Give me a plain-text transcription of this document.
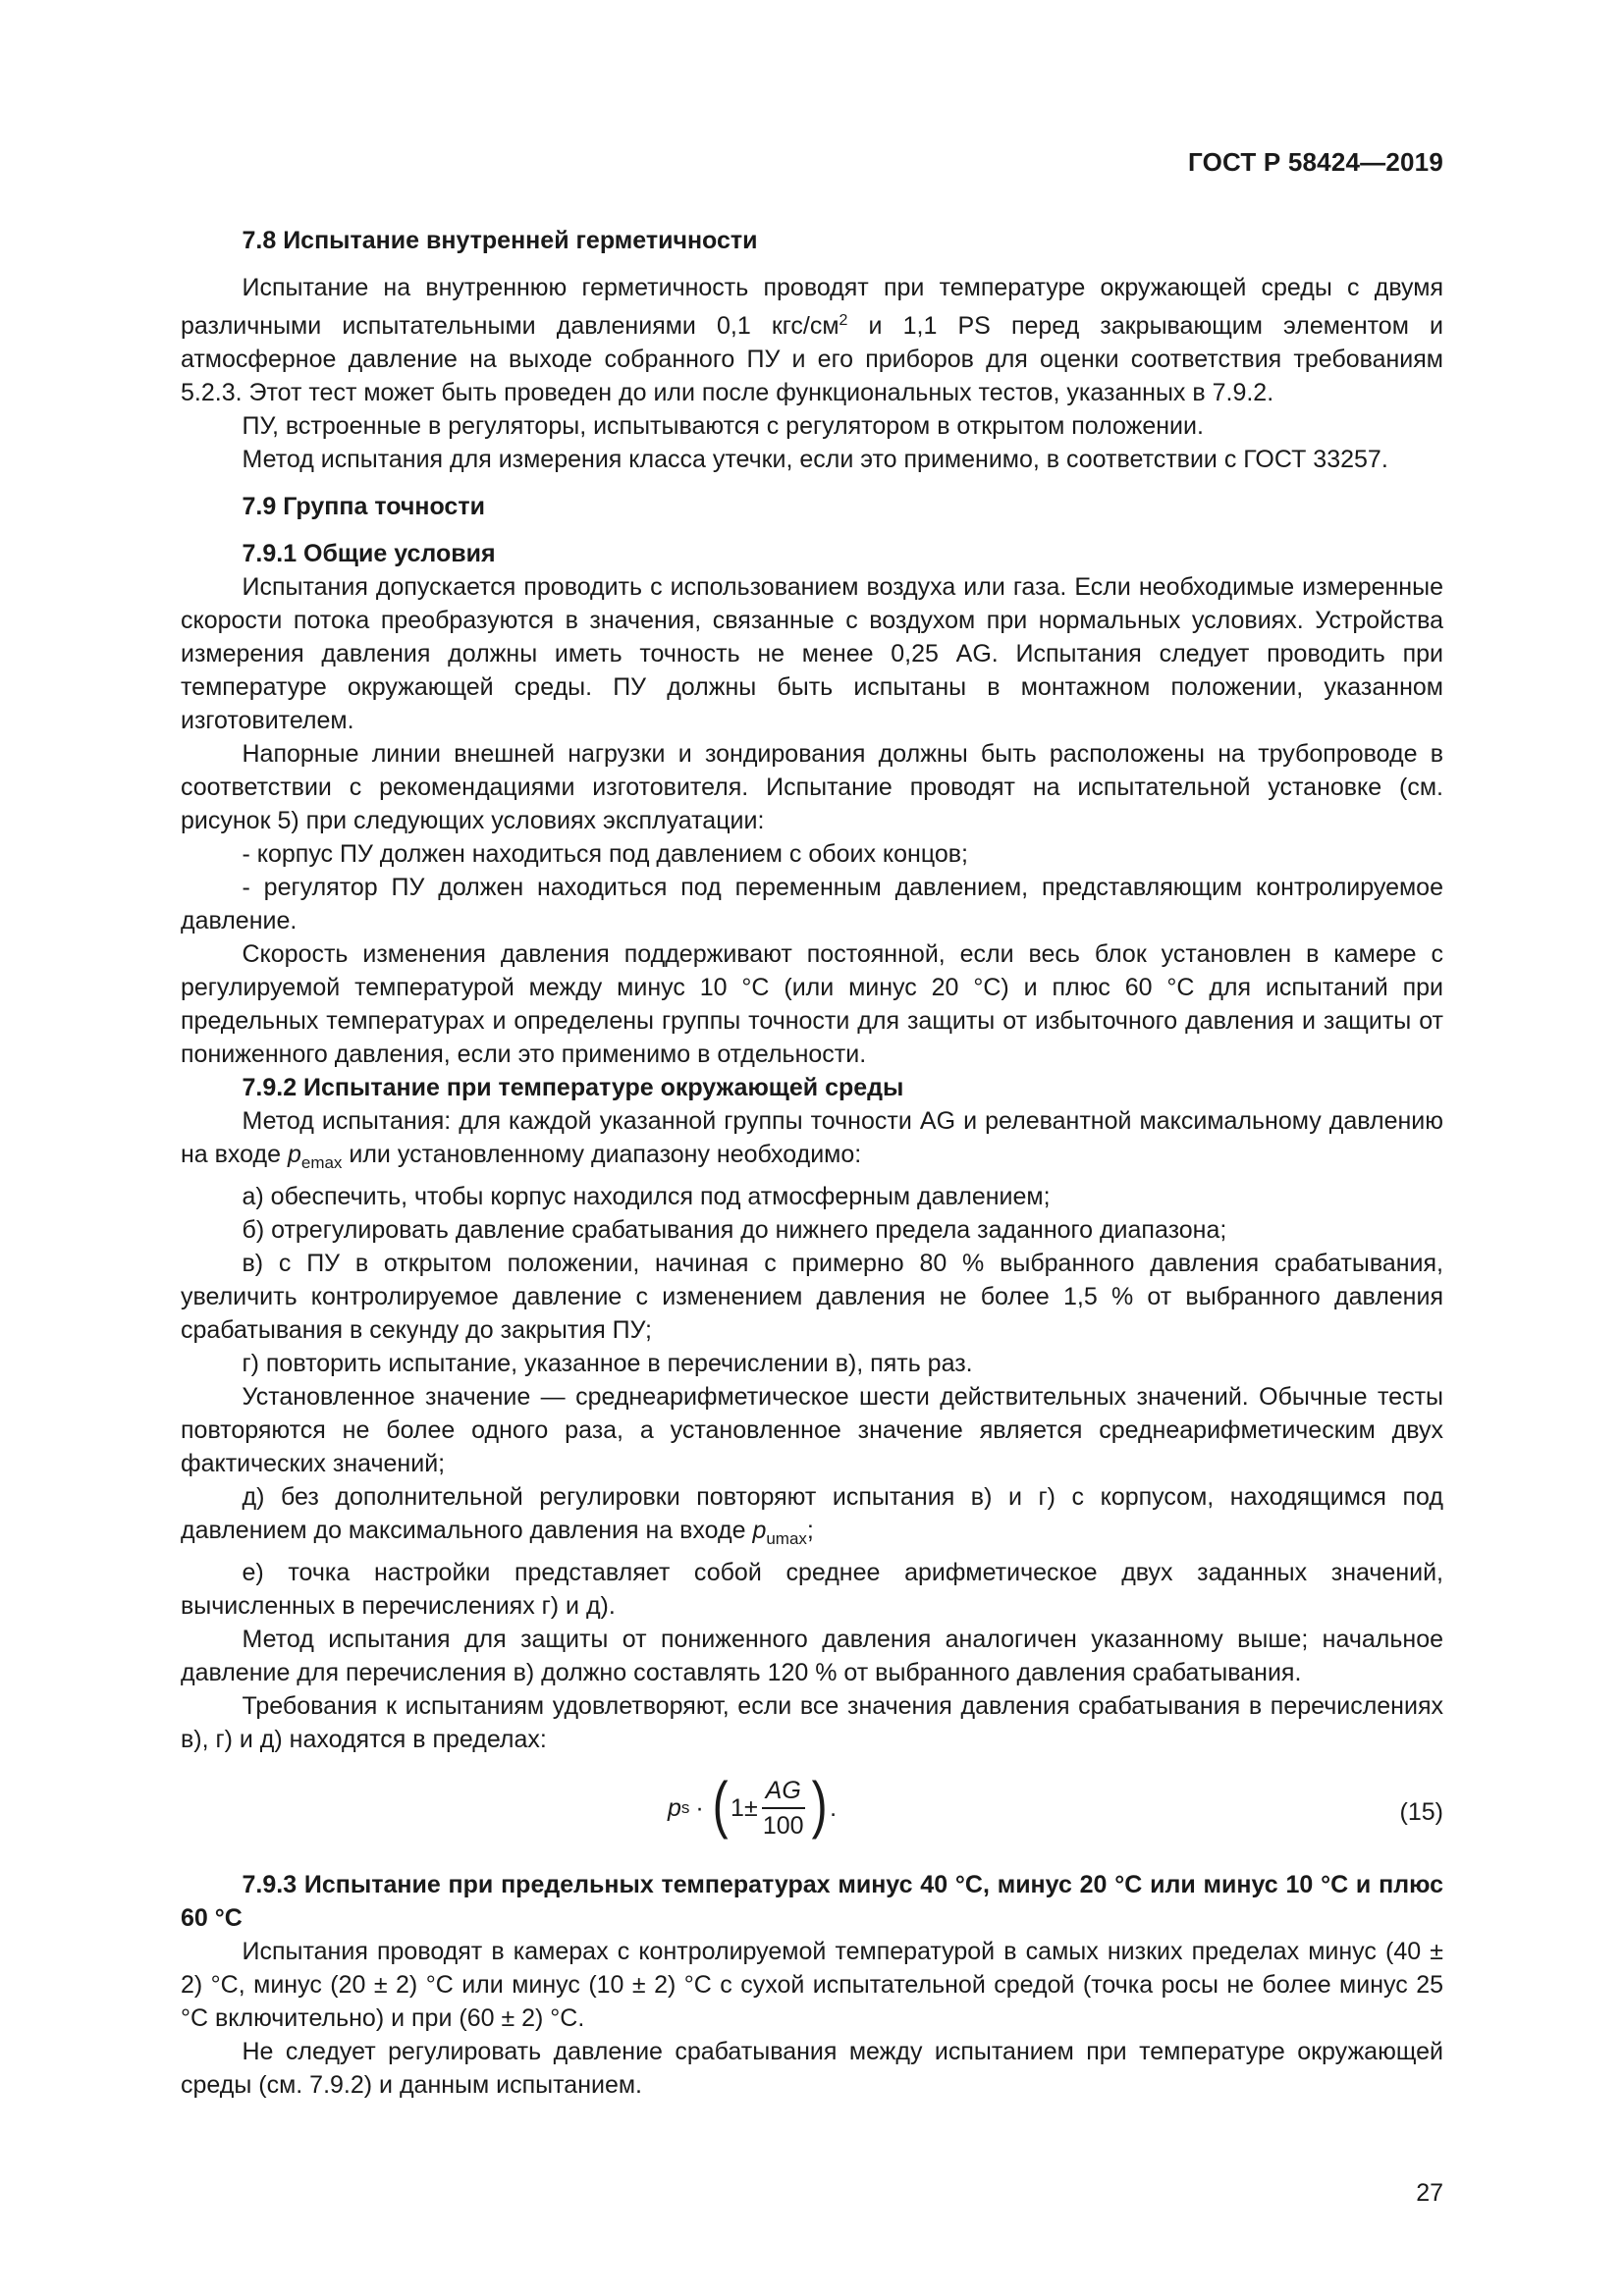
ГОСТ Р 58424—2019

7.8 Испытание внутренней герметичности

Испытание на внутреннюю герметичность проводят при температуре окружающей среды с двумя различными испытательными давлениями 0,1 кгс/$см^2$ и 1,1 PS перед закрывающим элементом и атмосферное давление на выходе собранного ПУ и его приборов для оценки соответствия требованиям 5.2.3. Этот тест может быть проведен до или после функциональных тестов, указанных в 7.9.2.

ПУ, встроенные в регуляторы, испытываются с регулятором в открытом положении.

Метод испытания для измерения класса утечки, если это применимо, в соответствии с ГОСТ 33257.

7.9 Группа точности

7.9.1 Общие условия

Испытания допускается проводить с использованием воздуха или газа. Если необходимые измеренные скорости потока преобразуются в значения, связанные с воздухом при нормальных условиях. Устройства измерения давления должны иметь точность не менее 0,25 AG. Испытания следует проводить при температуре окружающей среды. ПУ должны быть испытаны в монтажном положении, указанном изготовителем.

Напорные линии внешней нагрузки и зондирования должны быть расположены на трубопроводе в соответствии с рекомендациями изготовителя. Испытание проводят на испытательной установке (см. рисунок 5) при следующих условиях эксплуатации:

- корпус ПУ должен находиться под давлением с обоих концов;

- регулятор ПУ должен находиться под переменным давлением, представляющим контролируемое давление.

Скорость изменения давления поддерживают постоянной, если весь блок установлен в камере с регулируемой температурой между минус 10 °С (или минус 20 °С) и плюс 60 °С для испытаний при предельных температурах и определены группы точности для защиты от избыточного давления и защиты от пониженного давления, если это применимо в отдельности.

7.9.2 Испытание при температуре окружающей среды

Метод испытания: для каждой указанной группы точности AG и релевантной максимальному давлению на входе $p_{emax}$ или установленному диапазону необходимо:

а) обеспечить, чтобы корпус находился под атмосферным давлением;

б) отрегулировать давление срабатывания до нижнего предела заданного диапазона;

в) с ПУ в открытом положении, начиная с примерно 80 % выбранного давления срабатывания, увеличить контролируемое давление с изменением давления не более 1,5 % от выбранного давления срабатывания в секунду до закрытия ПУ;

г) повторить испытание, указанное в перечислении в), пять раз.

Установленное значение — среднеарифметическое шести действительных значений. Обычные тесты повторяются не более одного раза, а установленное значение является среднеарифметическим двух фактических значений;

д) без дополнительной регулировки повторяют испытания в) и г) с корпусом, находящимся под давлением до максимального давления на входе $p_{umax}$;

е) точка настройки представляет собой среднее арифметическое двух заданных значений, вычисленных в перечислениях г) и д).

Метод испытания для защиты от пониженного давления аналогичен указанному выше; начальное давление для перечисления в) должно составлять 120 % от выбранного давления срабатывания.

Требования к испытаниям удовлетворяют, если все значения давления срабатывания в перечислениях в), г) и д) находятся в пределах:

p s · ( $1\pm \frac{AG}{100}$ ) .	(15)

7.9.3 Испытание при предельных температурах минус 40 °С, минус 20 °С или минус 10 °С и плюс 60 °С

Испытания проводят в камерах с контролируемой температурой в самых низких пределах минус (40 ± 2) °С, минус (20 ± 2) °С или минус (10 ± 2) °С с сухой испытательной средой (точка росы не более минус 25 °С включительно) и при (60 ± 2) °С.

Не следует регулировать давление срабатывания между испытанием при температуре окружающей среды (см. 7.9.2) и данным испытанием.

27
